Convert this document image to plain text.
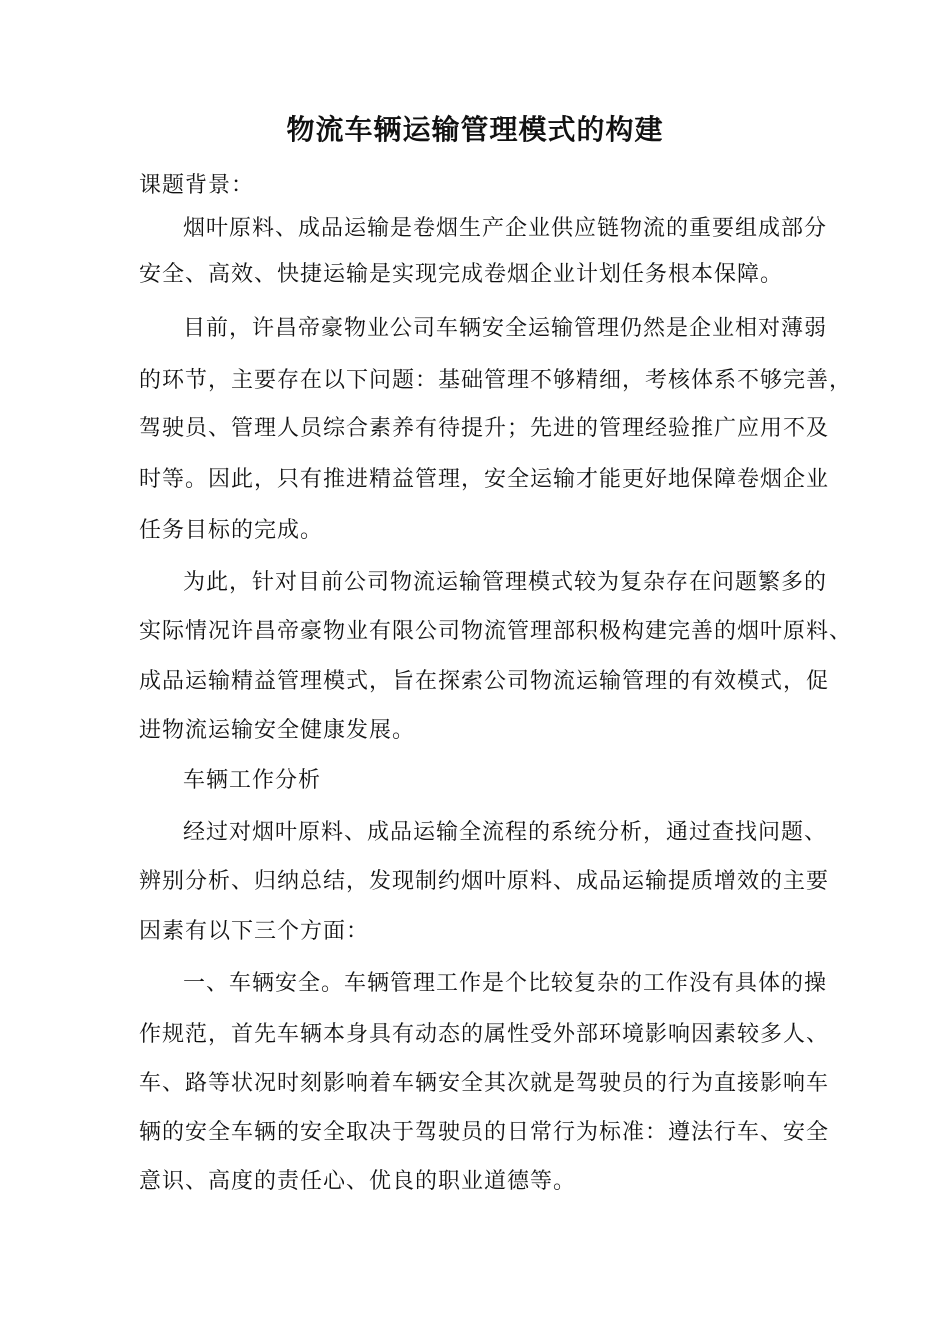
物流车辆运输管理模式的构建
课题背景：
烟叶原料、成品运输是卷烟生产企业供应链物流的重要组成部分
安全、高效、快捷运输是实现完成卷烟企业计划任务根本保障。
目前，许昌帝豪物业公司车辆安全运输管理仍然是企业相对薄弱
的环节，主要存在以下问题：基础管理不够精细，考核体系不够完善，
驾驶员、管理人员综合素养有待提升；先进的管理经验推广应用不及
时等。因此，只有推进精益管理，安全运输才能更好地保障卷烟企业
任务目标的完成。
为此，针对目前公司物流运输管理模式较为复杂存在问题繁多的
实际情况许昌帝豪物业有限公司物流管理部积极构建完善的烟叶原料、
成品运输精益管理模式，旨在探索公司物流运输管理的有效模式，促
进物流运输安全健康发展。
车辆工作分析
经过对烟叶原料、成品运输全流程的系统分析，通过查找问题、
辨别分析、归纳总结，发现制约烟叶原料、成品运输提质增效的主要
因素有以下三个方面：
一、车辆安全。车辆管理工作是个比较复杂的工作没有具体的操
作规范，首先车辆本身具有动态的属性受外部环境影响因素较多人、
车、路等状况时刻影响着车辆安全其次就是驾驶员的行为直接影响车
辆的安全车辆的安全取决于驾驶员的日常行为标准：遵法行车、安全
意识、高度的责任心、优良的职业道德等。
